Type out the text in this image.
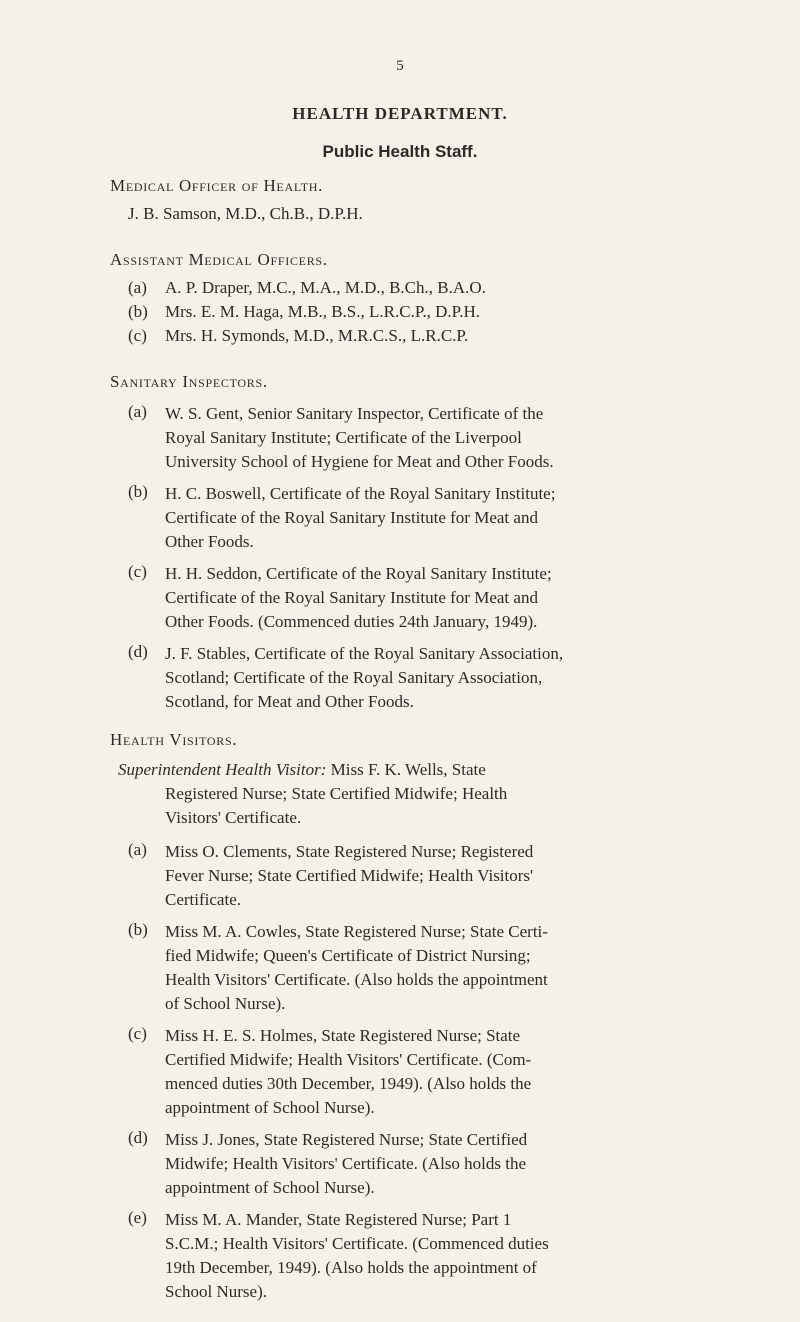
5
HEALTH DEPARTMENT.
Public Health Staff.
Medical Officer of Health.
J. B. Samson, M.D., Ch.B., D.P.H.
Assistant Medical Officers.
(a) A. P. Draper, M.C., M.A., M.D., B.Ch., B.A.O.
(b) Mrs. E. M. Haga, M.B., B.S., L.R.C.P., D.P.H.
(c) Mrs. H. Symonds, M.D., M.R.C.S., L.R.C.P.
Sanitary Inspectors.
(a) W. S. Gent, Senior Sanitary Inspector, Certificate of the
Royal Sanitary Institute; Certificate of the Liverpool
University School of Hygiene for Meat and Other Foods.
(b) H. C. Boswell, Certificate of the Royal Sanitary Institute;
Certificate of the Royal Sanitary Institute for Meat and
Other Foods.
(c) H. H. Seddon, Certificate of the Royal Sanitary Institute;
Certificate of the Royal Sanitary Institute for Meat and
Other Foods. (Commenced duties 24th January, 1949).
(d) J. F. Stables, Certificate of the Royal Sanitary Association,
Scotland; Certificate of the Royal Sanitary Association,
Scotland, for Meat and Other Foods.
Health Visitors.
Superintendent Health Visitor: Miss F. K. Wells, State
Registered Nurse; State Certified Midwife; Health
Visitors' Certificate.
(a) Miss O. Clements, State Registered Nurse; Registered
Fever Nurse; State Certified Midwife; Health Visitors'
Certificate.
(b) Miss M. A. Cowles, State Registered Nurse; State Certi-
fied Midwife; Queen's Certificate of District Nursing;
Health Visitors' Certificate. (Also holds the appointment
of School Nurse).
(c) Miss H. E. S. Holmes, State Registered Nurse; State
Certified Midwife; Health Visitors' Certificate. (Com-
menced duties 30th December, 1949). (Also holds the
appointment of School Nurse).
(d) Miss J. Jones, State Registered Nurse; State Certified
Midwife; Health Visitors' Certificate. (Also holds the
appointment of School Nurse).
(e) Miss M. A. Mander, State Registered Nurse; Part 1
S.C.M.; Health Visitors' Certificate. (Commenced duties
19th December, 1949). (Also holds the appointment of
School Nurse).
